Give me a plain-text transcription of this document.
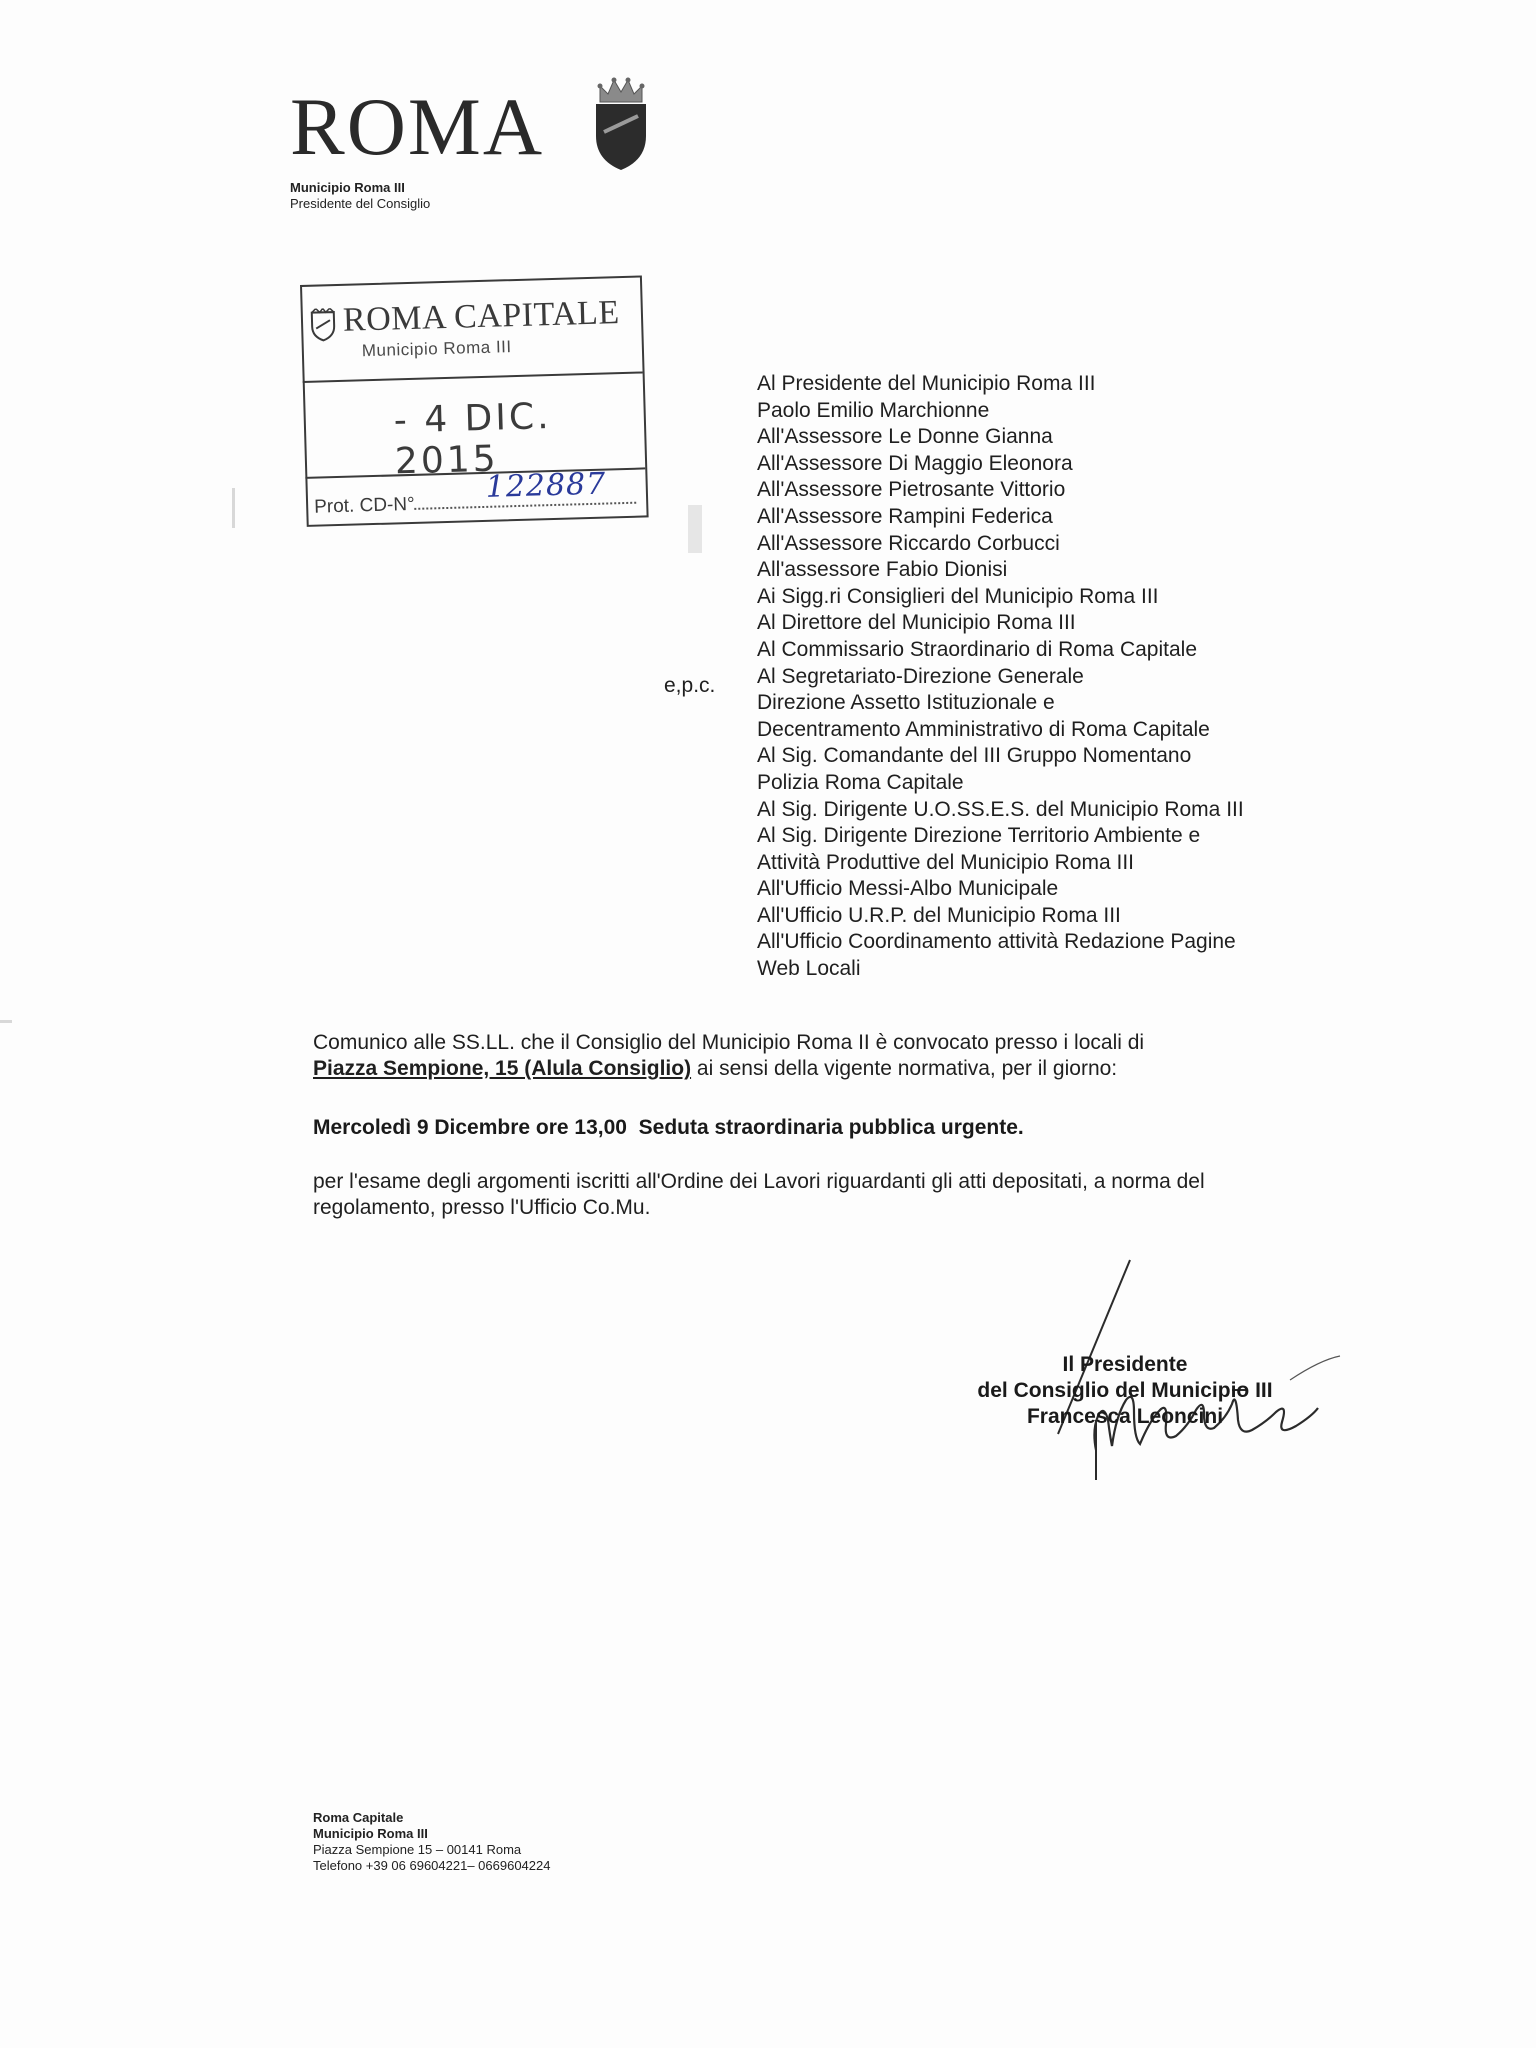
ROMA
Municipio Roma III
Presidente del Consiglio
ROMA CAPITALE
Municipio Roma III
- 4 DIC. 2015
Prot. CD-N°
122887
e,p.c.
Al Presidente del Municipio Roma III
Paolo Emilio Marchionne
All'Assessore Le Donne Gianna
All'Assessore Di Maggio Eleonora
All'Assessore Pietrosante Vittorio
All'Assessore Rampini Federica
All'Assessore Riccardo Corbucci
All'assessore Fabio Dionisi
Ai Sigg.ri Consiglieri del Municipio Roma III
Al Direttore del Municipio Roma III
Al Commissario Straordinario di Roma Capitale
Al Segretariato-Direzione Generale
Direzione Assetto Istituzionale e
Decentramento Amministrativo di Roma Capitale
Al Sig. Comandante del III Gruppo Nomentano
Polizia Roma Capitale
Al Sig. Dirigente U.O.SS.E.S. del Municipio Roma III
Al Sig. Dirigente Direzione Territorio Ambiente e
Attività Produttive del Municipio Roma III
All'Ufficio Messi-Albo Municipale
All'Ufficio U.R.P. del Municipio Roma III
All'Ufficio Coordinamento attività Redazione Pagine
Web Locali

Comunico alle SS.LL. che il Consiglio del Municipio Roma II è convocato presso i locali di
Piazza Sempione, 15 (Alula Consiglio) ai sensi della vigente normativa, per il giorno:

Mercoledì 9 Dicembre ore 13,00  Seduta straordinaria pubblica urgente.
per l'esame degli argomenti iscritti all'Ordine dei Lavori riguardanti gli atti depositati, a norma del regolamento, presso l'Ufficio Co.Mu.
Il Presidente
del Consiglio del Municipio III
Francesca Leoncini
Roma Capitale
Municipio Roma III
Piazza Sempione 15 – 00141 Roma
Telefono +39 06 69604221– 0669604224
